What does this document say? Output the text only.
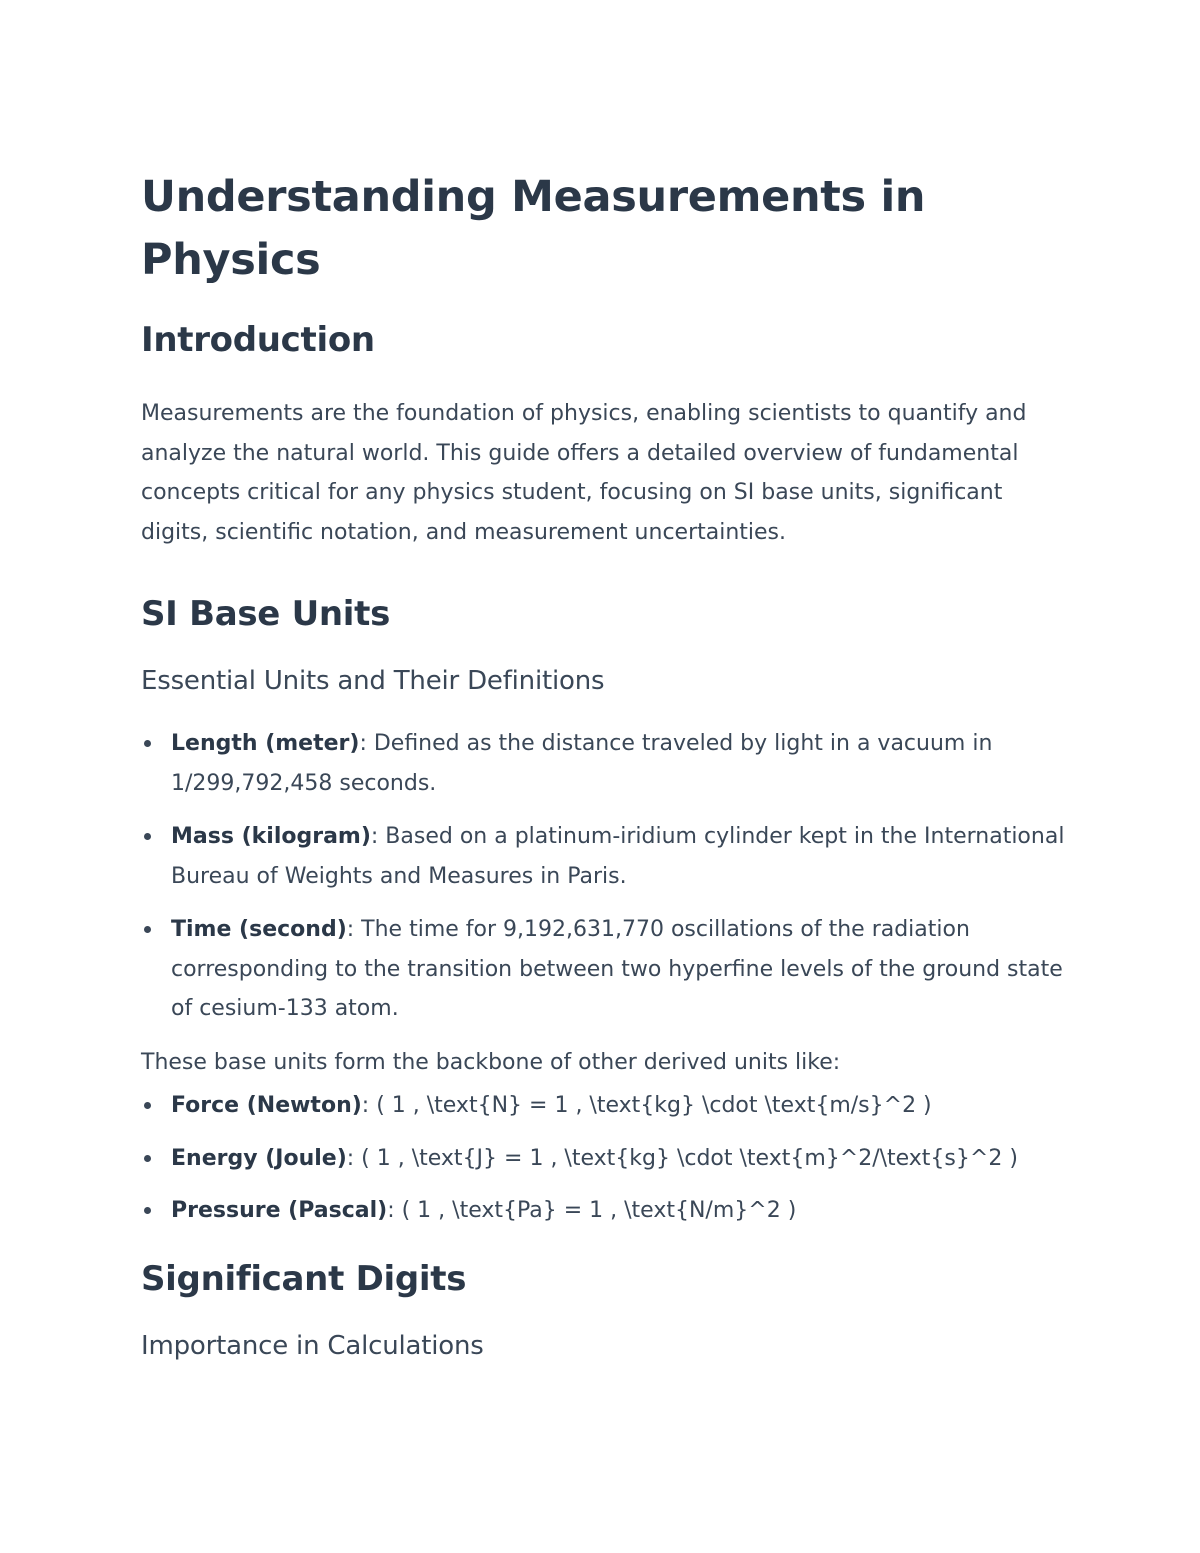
Understanding Measurements in Physics
Introduction

Measurements are the foundation of physics, enabling scientists to quantify and analyze the natural world. This guide offers a detailed overview of fundamental concepts critical for any physics student, focusing on SI base units, significant digits, scientific notation, and measurement uncertainties.

SI Base Units
Essential Units and Their Definitions
Length (meter): Defined as the distance traveled by light in a vacuum in 1/299,792,458 seconds.
Mass (kilogram): Based on a platinum-iridium cylinder kept in the International Bureau of Weights and Measures in Paris.
Time (second): The time for 9,192,631,770 oscillations of the radiation corresponding to the transition between two hyperfine levels of the ground state of cesium-133 atom.

These base units form the backbone of other derived units like:

Force (Newton): ( 1 , \text{N} = 1 , \text{kg} \cdot \text{m/s}^2 )
Energy (Joule): ( 1 , \text{J} = 1 , \text{kg} \cdot \text{m}^2/\text{s}^2 )
Pressure (Pascal): ( 1 , \text{Pa} = 1 , \text{N/m}^2 )
Significant Digits
Importance in Calculations
